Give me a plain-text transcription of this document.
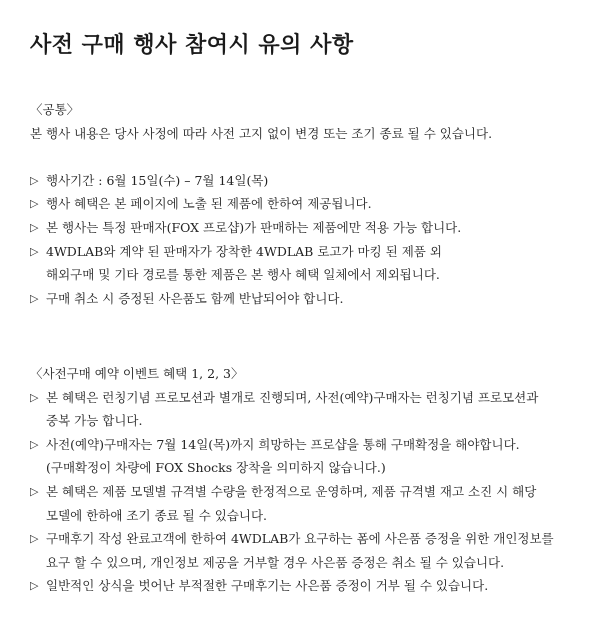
사전 구매 행사 참여시 유의 사항
〈공통〉
본 행사 내용은 당사 사정에 따라 사전 고지 없이 변경 또는 조기 종료 될 수 있습니다.
▷ 행사기간 : 6월 15일(수) – 7월 14일(목)
▷ 행사 혜택은 본 페이지에 노출 된 제품에 한하여 제공됩니다.
▷ 본 행사는 특정 판매자(FOX 프로샵)가 판매하는 제품에만 적용 가능 합니다.
▷ 4WDLAB와 계약 된 판매자가 장착한 4WDLAB 로고가 마킹 된 제품 외
해외구매 및 기타 경로를 통한 제품은 본 행사 혜택 일체에서 제외됩니다.
▷ 구매 취소 시 증정된 사은품도 함께 반납되어야 합니다.
〈사전구매 예약 이벤트 혜택 1, 2, 3〉
▷ 본 혜택은 런칭기념 프로모션과 별개로 진행되며, 사전(예약)구매자는 런칭기념 프로모션과
중복 가능 합니다.
▷ 사전(예약)구매자는 7월 14일(목)까지 희망하는 프로샵을 통해 구매확정을 해야합니다.
(구매확정이 차량에 FOX Shocks 장착을 의미하지 않습니다.)
▷ 본 혜택은 제품 모델별 규격별 수량을 한정적으로 운영하며, 제품 규격별 재고 소진 시 해당
모델에 한하애 조기 종료 될 수 있습니다.
▷ 구매후기 작성 완료고객에 한하여 4WDLAB가 요구하는 폼에 사은품 증정을 위한 개인정보를
요구 할 수 있으며, 개인정보 제공을 거부할 경우 사은품 증정은 취소 될 수 있습니다.
▷ 일반적인 상식을 벗어난 부적절한 구매후기는 사은품 증정이 거부 될 수 있습니다.
